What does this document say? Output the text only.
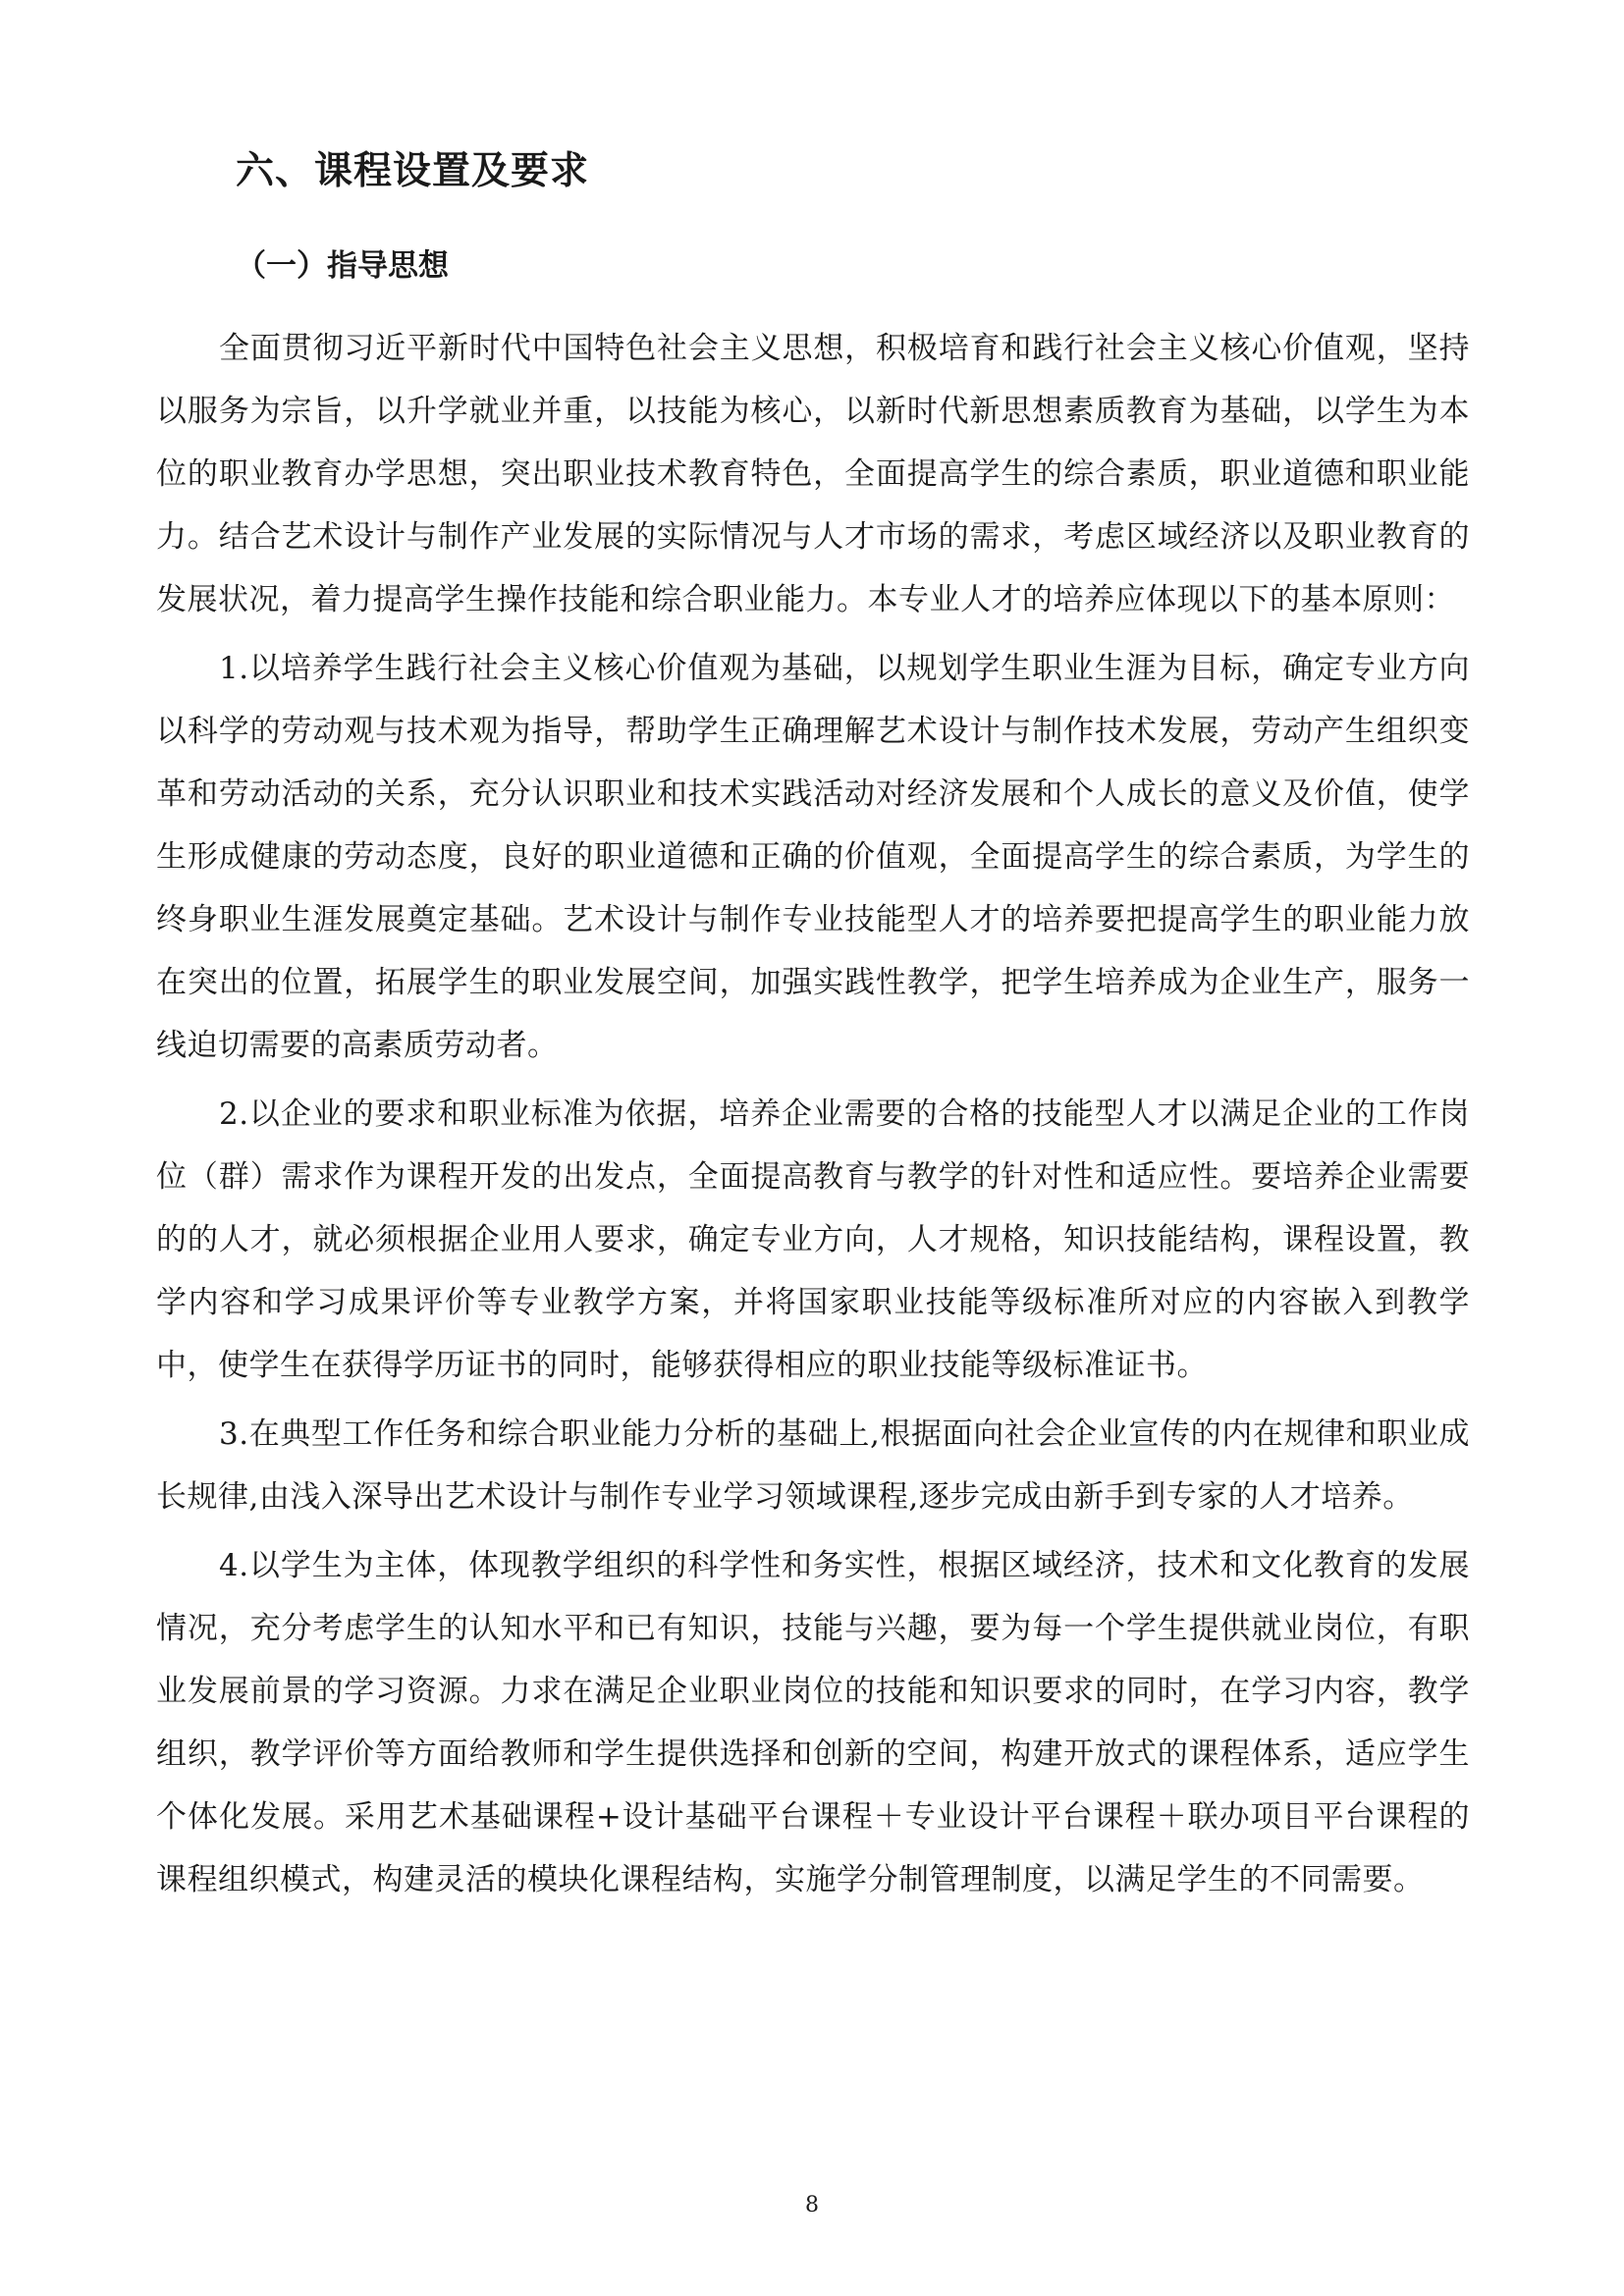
六、课程设置及要求
（一）指导思想

全面贯彻习近平新时代中国特色社会主义思想，积极培育和践行社会主义核心价值观，坚持以服务为宗旨，以升学就业并重，以技能为核心，以新时代新思想素质教育为基础，以学生为本位的职业教育办学思想，突出职业技术教育特色，全面提高学生的综合素质，职业道德和职业能力。结合艺术设计与制作产业发展的实际情况与人才市场的需求，考虑区域经济以及职业教育的发展状况，着力提高学生操作技能和综合职业能力。本专业人才的培养应体现以下的基本原则：

1.以培养学生践行社会主义核心价值观为基础，以规划学生职业生涯为目标，确定专业方向以科学的劳动观与技术观为指导，帮助学生正确理解艺术设计与制作技术发展，劳动产生组织变革和劳动活动的关系，充分认识职业和技术实践活动对经济发展和个人成长的意义及价值，使学生形成健康的劳动态度，良好的职业道德和正确的价值观，全面提高学生的综合素质，为学生的终身职业生涯发展奠定基础。艺术设计与制作专业技能型人才的培养要把提高学生的职业能力放在突出的位置，拓展学生的职业发展空间，加强实践性教学，把学生培养成为企业生产，服务一线迫切需要的高素质劳动者。

2.以企业的要求和职业标准为依据，培养企业需要的合格的技能型人才以满足企业的工作岗位（群）需求作为课程开发的出发点，全面提高教育与教学的针对性和适应性。要培养企业需要的的人才，就必须根据企业用人要求，确定专业方向，人才规格，知识技能结构，课程设置，教学内容和学习成果评价等专业教学方案，并将国家职业技能等级标准所对应的内容嵌入到教学中，使学生在获得学历证书的同时，能够获得相应的职业技能等级标准证书。

3.在典型工作任务和综合职业能力分析的基础上,根据面向社会企业宣传的内在规律和职业成长规律,由浅入深导出艺术设计与制作专业学习领域课程,逐步完成由新手到专家的人才培养。

4.以学生为主体，体现教学组织的科学性和务实性，根据区域经济，技术和文化教育的发展情况，充分考虑学生的认知水平和已有知识，技能与兴趣，要为每一个学生提供就业岗位，有职业发展前景的学习资源。力求在满足企业职业岗位的技能和知识要求的同时，在学习内容，教学组织，教学评价等方面给教师和学生提供选择和创新的空间，构建开放式的课程体系，适应学生个体化发展。采用艺术基础课程+设计基础平台课程＋专业设计平台课程＋联办项目平台课程的课程组织模式，构建灵活的模块化课程结构，实施学分制管理制度，以满足学生的不同需要。

8
